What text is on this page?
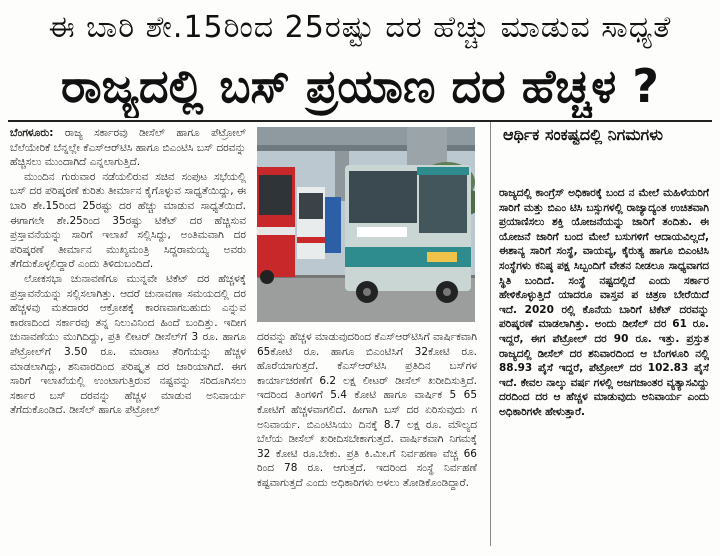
ಈ ಬಾರಿ ಶೇ.15ರಿಂದ 25ರಷ್ಟು ದರ ಹೆಚ್ಚು ಮಾಡುವ ಸಾಧ್ಯತೆ
ರಾಜ್ಯದಲ್ಲಿ ಬಸ್ ಪ್ರಯಾಣ ದರ ಹೆಚ್ಚಳ ?

ಬೆಂಗಳೂರು: ರಾಜ್ಯ ಸರ್ಕಾರವು ಡೀಸೆಲ್ ಹಾಗೂ ಪೆಟ್ರೋಲ್ ಬೆಲೆಯೇರಿಕೆ ಬೆನ್ನಲ್ಲೇ ಕೆಎಸ್ಆರ್‌ಟಿಸಿ ಹಾಗೂ ಬಿಎಂಟಿಸಿ ಬಸ್ ದರವನ್ನು ಹೆಚ್ಚಿಸಲು ಮುಂದಾಗಿದೆ ಎನ್ನಲಾಗುತ್ತಿದೆ.

ಮುಂದಿನ ಗುರುವಾರ ನಡೆಯಲಿರುವ ಸಚಿವ ಸಂಪುಟ ಸಭೆಯಲ್ಲಿ ಬಸ್ ದರ ಪರಿಷ್ಕರಣೆ ಕುರಿತು ತೀರ್ಮಾನ ಕೈಗೊಳ್ಳುವ ಸಾಧ್ಯತೆಯಿದ್ದು, ಈ ಬಾರಿ ಶೇ.15ರಿಂದ 25ರಷ್ಟು ದರ ಹೆಚ್ಚು ಮಾಡುವ ಸಾಧ್ಯತೆಯಿದೆ. ಈಗಾಗಲೇ ಶೇ.25ರಿಂದ 35ರಷ್ಟು ಟಿಕೆಟ್ ದರ ಹೆಚ್ಚಿಸುವ ಪ್ರಸ್ತಾವನೆಯನ್ನು ಸಾರಿಗೆ ಇಲಾಖೆ ಸಲ್ಲಿಸಿದ್ದು, ಅಂತಿಮವಾಗಿ ದರ ಪರಿಷ್ಕರಣೆ ತೀರ್ಮಾನ ಮುಖ್ಯಮಂತ್ರಿ ಸಿದ್ದರಾಮಯ್ಯ ಅವರು ತೆಗೆದುಕೊಳ್ಳಲಿದ್ದಾರೆ ಎಂದು ತಿಳಿದುಬಂದಿದೆ.

ಲೋಕಸಭಾ ಚುನಾವಣೆಗೂ ಮುನ್ನವೇ ಟಿಕೆಟ್ ದರ ಹೆಚ್ಚಳಕ್ಕೆ ಪ್ರಸ್ತಾವನೆಯನ್ನು ಸಲ್ಲಿಸಲಾಗಿತ್ತು. ಆದರೆ ಚುನಾವಣಾ ಸಮಯದಲ್ಲಿ ದರ ಹೆಚ್ಚಳವು ಮತದಾರರ ಆಕ್ರೋಶಕ್ಕೆ ಕಾರಣವಾಗಬಹುದು ಎನ್ನುವ ಕಾರಣದಿಂದ ಸರ್ಕಾರವು ತನ್ನ ನಿಲುವಿನಿಂದ ಹಿಂದೆ ಬಂದಿತ್ತು. ಇದೀಗ ಚುನಾವಣೆಯು ಮುಗಿದಿದ್ದು, ಪ್ರತಿ ಲೀಟರ್ ಡೀಸೆಲ್‌ಗೆ 3 ರೂ. ಹಾಗೂ ಪೆಟ್ರೋಲ್‌ಗೆ 3.50 ರೂ. ಮಾರಾಟ ತೆರಿಗೆಯನ್ನು ಹೆಚ್ಚಳ ಮಾಡಲಾಗಿದ್ದು, ಶನಿವಾರದಿಂದ ಪರಿಷ್ಕೃತ ದರ ಜಾರಿಯಾಗಿದೆ. ಈಗ ಸಾರಿಗೆ ಇಲಾಖೆಯಲ್ಲಿ ಉಂಟಾಗುತ್ತಿರುವ ನಷ್ಟವನ್ನು ಸರಿದೂಗಿಸಲು ಸರ್ಕಾರ ಬಸ್ ದರವನ್ನು ಹೆಚ್ಚಳ ಮಾಡುವ ಅನಿವಾರ್ಯ ತೆಗೆದುಕೊಂಡಿದೆ. ಡೀಸೆಲ್ ಹಾಗೂ ಪೆಟ್ರೋಲ್

ದರವನ್ನು ಹೆಚ್ಚಳ ಮಾಡುವುದರಿಂದ ಕೆಎಸ್‌ಆರ್‌ಟಿಸಿಗೆ ವಾರ್ಷಿಕವಾಗಿ 65ಕೋಟಿ ರೂ. ಹಾಗೂ ಬಿಎಂಟಿಸಿಗೆ 32ಕೋಟಿ ರೂ. ಹೊರೆಯಾಗುತ್ತದೆ. ಕೆಎಸ್‌ಆರ್‌ಟಿಸಿ ಪ್ರತಿದಿನ ಬಸ್‌ಗಳ ಕಾರ್ಯಾಚರಣೆಗೆ 6.2 ಲಕ್ಷ ಲೀಟರ್ ಡೀಸೆಲ್ ಖರೀದಿಸುತ್ತಿದೆ. ಇದರಿಂದ ತಿಂಗಳಿಗೆ 5.4 ಕೋಟಿ ಹಾಗೂ ವಾರ್ಷಿಕ 5 65 ಕೋಟಿಗೆ ಹೆಚ್ಚಳವಾಗಲಿದೆ. ಹೀಗಾಗಿ ಬಸ್ ದರ ಏರಿಸುವುದು ಗ ಅನಿವಾರ್ಯ. ಬಿಎಂಟಿಸಿಯು ದಿನಕ್ಕೆ 8.7 ಲಕ್ಷ ರೂ. ಮೌಲ್ಯದ ಬೆಲೆಯ ಡೀಸೆಲ್ ಖರೀದಿಸಬೇಕಾಗುತ್ತದೆ. ವಾರ್ಷಿಕವಾಗಿ ನಿಗಮಕ್ಕೆ 32 ಕೋಟಿ ರೂ.ಬೇಕು. ಪ್ರತಿ ಕಿ.ಮೀ.ಗೆ ನಿರ್ವಹಣಾ ವೆಚ್ಚ 66 ರಿಂದ 78 ರೂ. ಆಗುತ್ತದೆ. ಇದರಿಂದ ಸಂಸ್ಥೆ ನಿರ್ವಹಣೆ ಕಷ್ಟವಾಗುತ್ತದೆ ಎಂದು ಅಧಿಕಾರಿಗಳು ಅಳಲು ತೋಡಿಕೊಂಡಿದ್ದಾರೆ.

ಆರ್ಥಿಕ ಸಂಕಷ್ಟದಲ್ಲಿ ನಿಗಮಗಳು

ರಾಜ್ಯದಲ್ಲಿ ಕಾಂಗ್ರೆಸ್ ಅಧಿಕಾರಕ್ಕೆ ಬಂದ ನ ಮೇಲೆ ಮಹಿಳೆಯರಿಗೆ ಸಾರಿಗೆ ಮತ್ತು ಬಿಎಂ ಟಿಸಿ ಬಸ್ಸುಗಳಲ್ಲಿ ರಾಜ್ಯಾದ್ಯಂತ ಉಚಿತವಾಗಿ ಪ್ರಯಾಣಿಸಲು ಶಕ್ತಿ ಯೋಜನೆಯನ್ನು ಜಾರಿಗೆ ತಂದಿತು. ಈ ಯೋಜನೆ ಜಾರಿಗೆ ಬಂದ ಮೇಲೆ ಬಸುಗಳಿಗೆ ಆದಾಯವಿಲ್ಲದೆ, ಈಶಾನ್ಯ ಸಾರಿಗೆ ಸಂಸ್ಥೆ, ವಾಯವ್ಯ, ಕೈರುತ್ಯ ಹಾಗೂ ಬಿಎಂಟಿಸಿ ಸಂಸ್ಥೆಗಳು ಕನಿಷ್ಠ ಪಕ್ಷ ಸಿಬ್ಬಂದಿಗೆ ವೇತನ ನೀಡಲೂ ಸಾಧ್ಯವಾಗದ ಸ್ಥಿತಿ ಬಂದಿದೆ. ಸಂಸ್ಥೆ ನಷ್ಟದಲ್ಲಿದೆ ಎಂದು ಸರ್ಕಾರ ಹೇಳಿಕೊಳ್ಳುತ್ತಿದೆ ಯಾದರೂ ವಾಸ್ತವ ಪ ಚಿತ್ರಣ ಬೇರೆಯಿದೆ ಇದೆ. 2020 ರಲ್ಲಿ ಕೊನೆಯ ಬಾರಿಗೆ ಟಿಕೆಟ್ ದರವನ್ನು ಪರಿಷ್ಕರಣೆ ಮಾಡಲಾಗಿತ್ತು. ಅಂದು ಡೀಸೆಲ್ ದರ 61 ರೂ. ಇದ್ದರೆ, ಈಗ ಪೆಟ್ರೋಲ್ ದರ 90 ರೂ. ಇತ್ತು. ಪ್ರಸ್ತುತ ರಾಜ್ಯದಲ್ಲಿ ಡೀಸೆಲ್ ದರ ಶನಿವಾರದಿಂದ ಆ ಬೆಂಗಳೂರಿ ನಲ್ಲಿ 88.93 ಪೈಸೆ ಇದ್ದರೆ, ಪೆಟ್ರೋಲ್ ದರ 102.83 ಪೈಸೆ ಇದೆ. ಕೇವಲ ನಾಲ್ಕು ವರ್ಷ ಗಳಲ್ಲಿ ಅಜಗಜಾಂತರ ವ್ಯತ್ಯಾಸವಿದ್ದು ದರದಿಂದ ದರ ಆ ಹೆಚ್ಚಳ ಮಾಡುವುದು ಅನಿವಾರ್ಯ ಎಂದು ಅಧಿಕಾರಿಗಳೇ ಹೇಳುತ್ತಾರೆ.
